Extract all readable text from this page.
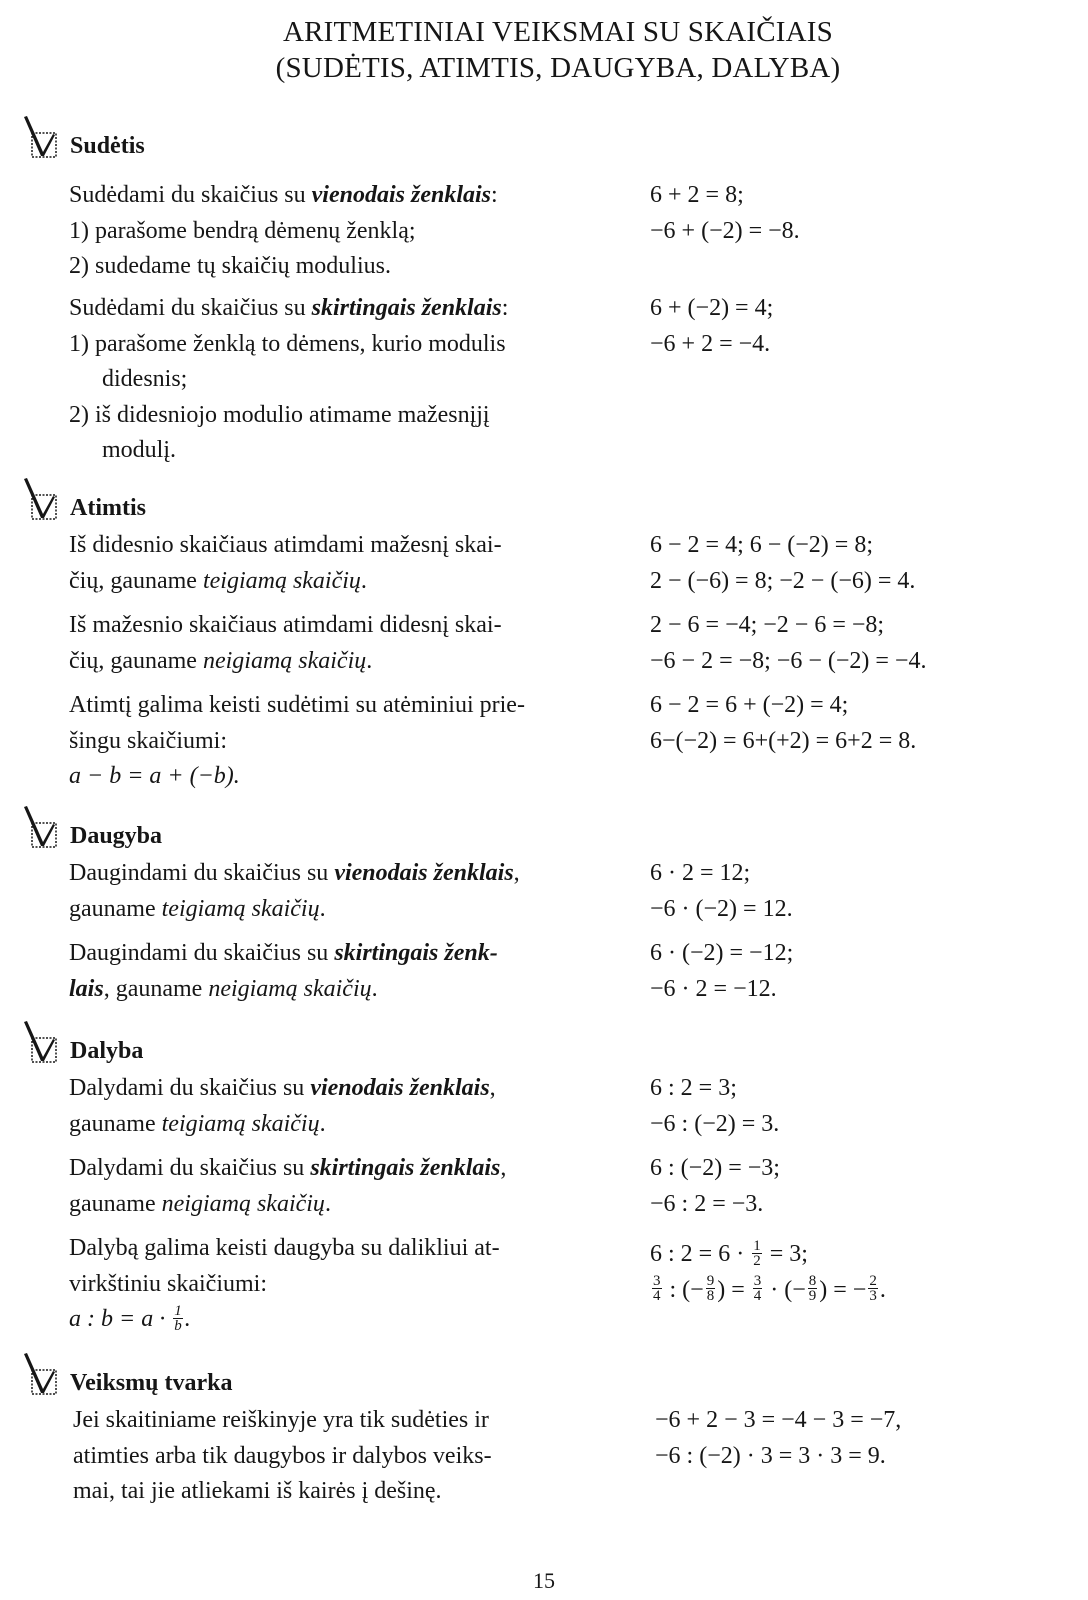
ARITMETINIAI VEIKSMAI SU SKAIČIAIS
(SUDĖTIS, ATIMTIS, DAUGYBA, DALYBA)
Sudėtis
Sudėdami du skaičius su vienodais ženklais:
1) parašome bendrą dėmenų ženklą;
2) sudedame tų skaičių modulius.
6 + 2 = 8;
−6 + (−2) = −8.
Sudėdami du skaičius su skirtingais ženklais:
1) parašome ženklą to dėmens, kurio modulis
didesnis;
2) iš didesniojo modulio atimame mažesnįjį
modulį.
6 + (−2) = 4;
−6 + 2 = −4.
Atimtis
Iš didesnio skaičiaus atimdami mažesnį skai-
čių, gauname teigiamą skaičių.
6 − 2 = 4; 6 − (−2) = 8;
2 − (−6) = 8; −2 − (−6) = 4.
Iš mažesnio skaičiaus atimdami didesnį skai-
čių, gauname neigiamą skaičių.
2 − 6 = −4; −2 − 6 = −8;
−6 − 2 = −8; −6 − (−2) = −4.
Atimtį galima keisti sudėtimi su atėminiui prie-
šingu skaičiumi:
a − b = a + (−b).
6 − 2 = 6 + (−2) = 4;
6−(−2) = 6+(+2) = 6+2 = 8.
Daugyba
Daugindami du skaičius su vienodais ženklais,
gauname teigiamą skaičių.
6 · 2 = 12;
−6 · (−2) = 12.
Daugindami du skaičius su skirtingais ženk-
lais, gauname neigiamą skaičių.
6 · (−2) = −12;
−6 · 2 = −12.
Dalyba
Dalydami du skaičius su vienodais ženklais,
gauname teigiamą skaičių.
6 : 2 = 3;
−6 : (−2) = 3.
Dalydami du skaičius su skirtingais ženklais,
gauname neigiamą skaičių.
6 : (−2) = −3;
−6 : 2 = −3.
Dalybą galima keisti daugyba su dalikliui at-
virkštiniu skaičiumi:
a : $b = a \cdot \frac{1}{b}$ .
6 : $2 = 6 \cdot \frac{1}{2} = 3$;
$\frac{3}{4}$ : (− $\frac{9}{8}$ ) = $\frac{3}{4}$ · (− $\frac{8}{9}$ ) = − $\frac{2}{3}$ .
Veiksmų tvarka
Jei skaitiniame reiškinyje yra tik sudėties ir
atimties arba tik daugybos ir dalybos veiks-
mai, tai jie atliekami iš kairės į dešinę.
−6 + 2 − 3 = −4 − 3 = −7,
−6 : (−2) · 3 = 3 · 3 = 9.
15
